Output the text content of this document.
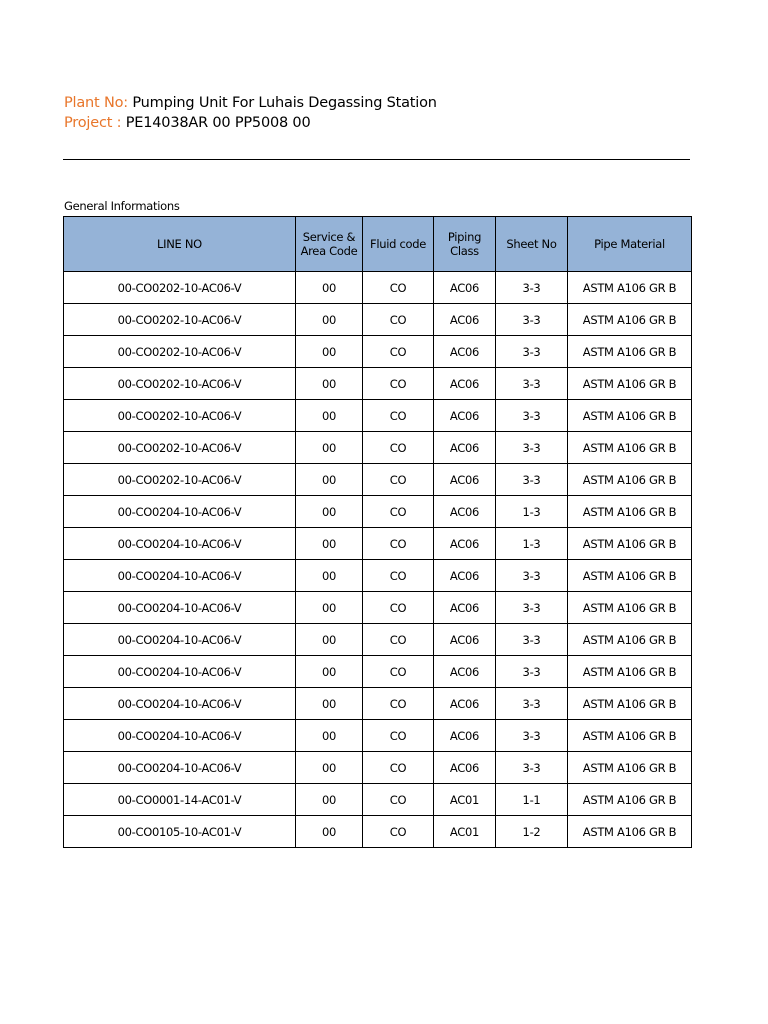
Plant No: Pumping Unit For Luhais Degassing Station
Project : PE14038AR 00 PP5008 00
General Informations
LINE NO	Service & Area Code	Fluid code	Piping Class	Sheet No	Pipe Material
00-CO0202-10-AC06-V	00	CO	AC06	3-3	ASTM A106 GR B
00-CO0202-10-AC06-V	00	CO	AC06	3-3	ASTM A106 GR B
00-CO0202-10-AC06-V	00	CO	AC06	3-3	ASTM A106 GR B
00-CO0202-10-AC06-V	00	CO	AC06	3-3	ASTM A106 GR B
00-CO0202-10-AC06-V	00	CO	AC06	3-3	ASTM A106 GR B
00-CO0202-10-AC06-V	00	CO	AC06	3-3	ASTM A106 GR B
00-CO0202-10-AC06-V	00	CO	AC06	3-3	ASTM A106 GR B
00-CO0204-10-AC06-V	00	CO	AC06	1-3	ASTM A106 GR B
00-CO0204-10-AC06-V	00	CO	AC06	1-3	ASTM A106 GR B
00-CO0204-10-AC06-V	00	CO	AC06	3-3	ASTM A106 GR B
00-CO0204-10-AC06-V	00	CO	AC06	3-3	ASTM A106 GR B
00-CO0204-10-AC06-V	00	CO	AC06	3-3	ASTM A106 GR B
00-CO0204-10-AC06-V	00	CO	AC06	3-3	ASTM A106 GR B
00-CO0204-10-AC06-V	00	CO	AC06	3-3	ASTM A106 GR B
00-CO0204-10-AC06-V	00	CO	AC06	3-3	ASTM A106 GR B
00-CO0204-10-AC06-V	00	CO	AC06	3-3	ASTM A106 GR B
00-CO0001-14-AC01-V	00	CO	AC01	1-1	ASTM A106 GR B
00-CO0105-10-AC01-V	00	CO	AC01	1-2	ASTM A106 GR B
